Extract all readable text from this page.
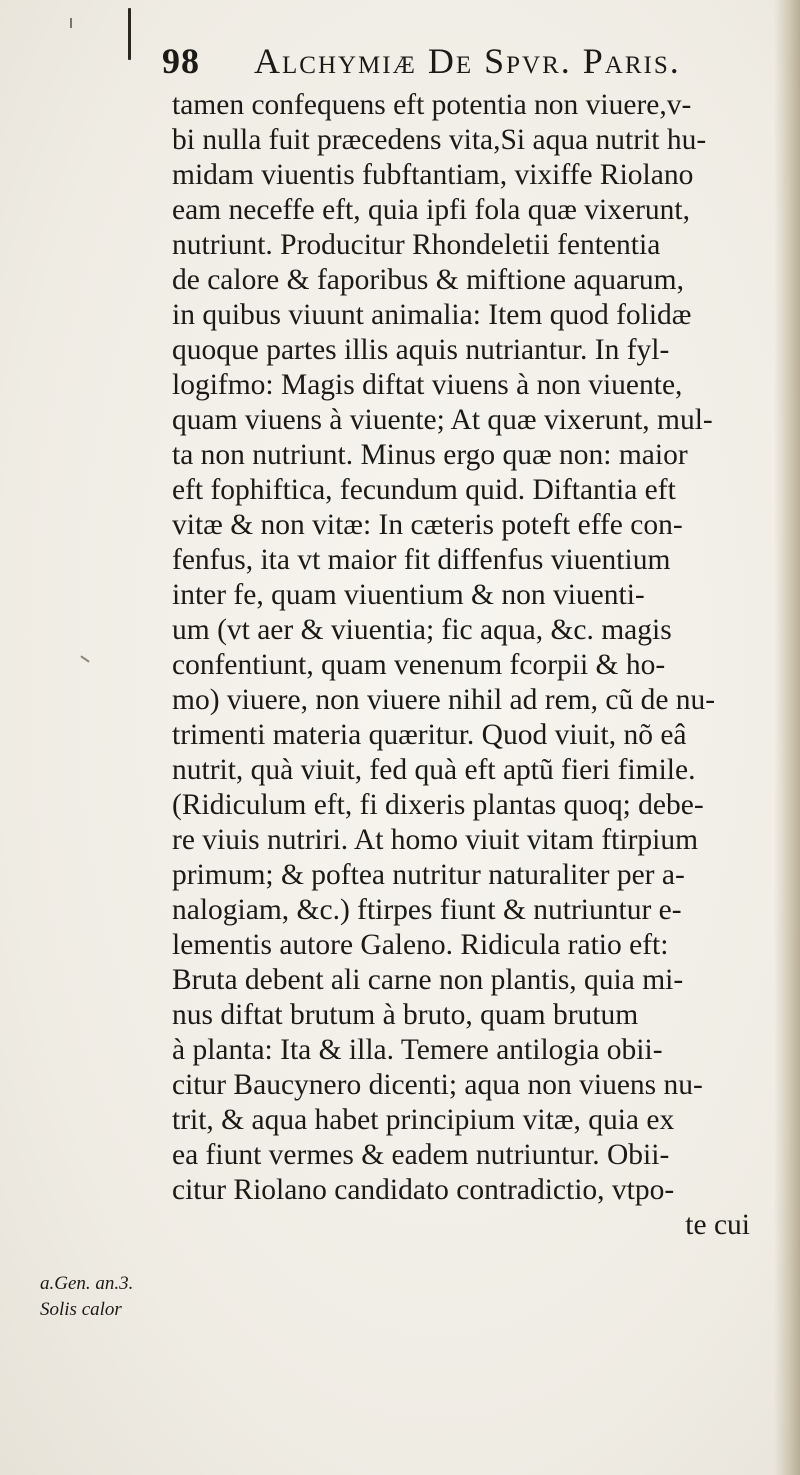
98 Alchymiæ De Spvr. Paris.
tamen confequens eft potentia non viuere,v-
bi nulla fuit præcedens vita,Si aqua nutrit hu-
midam viuentis fubftantiam, vixiffe Riolano
eam neceffe eft, quia ipfi fola quæ vixerunt,
nutriunt. Producitur Rhondeletii fententia
de calore & faporibus & miftione aquarum,
in quibus viuunt animalia: Item quod folidæ
quoque partes illis aquis nutriantur. In fyl-
logifmo: Magis diftat viuens à non viuente,
quam viuens à viuente; At quæ vixerunt, mul-
ta non nutriunt. Minus ergo quæ non: maior
eft fophiftica, fecundum quid. Diftantia eft
vitæ & non vitæ: In cæteris poteft effe con-
fenfus, ita vt maior fit diffenfus viuentium
inter fe, quam viuentium & non viuenti-
um (vt aer & viuentia; fic aqua, &c. magis
confentiunt, quam venenum fcorpii & ho-
mo) viuere, non viuere nihil ad rem, cũ de nu-
trimenti materia quæritur. Quod viuit, nõ eâ
nutrit, quà viuit, fed quà eft aptũ fieri fimile.
(Ridiculum eft, fi dixeris plantas quoq; debe-
re viuis nutriri. At homo viuit vitam ftirpium
primum; & poftea nutritur naturaliter per a-
nalogiam, &c.) ftirpes fiunt & nutriuntur e-
lementis autore Galeno. Ridicula ratio eft:
Bruta debent ali carne non plantis, quia mi-
nus diftat brutum à bruto, quam brutum
à planta: Ita & illa. Temere antilogia obii-
citur Baucynero dicenti; aqua non viuens nu-
trit, & aqua habet principium vitæ, quia ex
ea fiunt vermes & eadem nutriuntur. Obii-
citur Riolano candidato contradictio, vtpo-
te cui
a.Gen. an.3.
Solis calor
